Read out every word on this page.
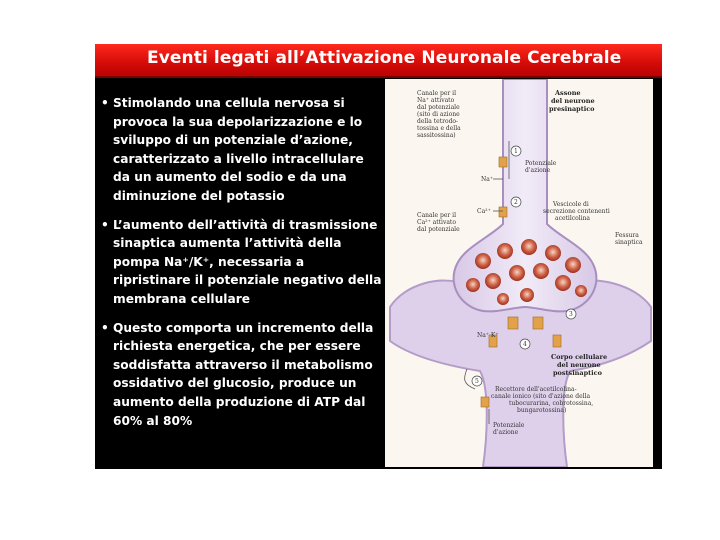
Eventi legati all’Attivazione Neuronale Cerebrale
• Stimolando una cellula nervosa si provoca la sua depolarizzazione e lo sviluppo di un potenziale d’azione, caratterizzato a livello intracellulare da un aumento del sodio e da una diminuzione del potassio
• L’aumento dell’attività di trasmissione sinaptica aumenta l’attività della pompa Na⁺/K⁺, necessaria a ripristinare il potenziale negativo della membrana cellulare
• Questo comporta un incremento della richiesta energetica, che per essere soddisfatta attraverso il metabolismo ossidativo del glucosio, produce un aumento della produzione di ATP dal 60% al 80%
1
2
3
4
5
Assone
del neurone
presinaptico
Canale per il
Na⁺ attivato
dal potenziale
(sito di azione
della tetrodo-
tossina e della
sassitossina)
Na⁺
Ca²⁺
Potenziale
d'azione
Vescicole di
secrezione contenenti
acetilcolina
Canale per il
Ca²⁺ attivato
dal potenziale
Fessura
sinaptica
Na⁺ K⁺
Corpo cellulare
del neurone
postsinaptico
Recettore dell'acetilcolina-
canale ionico (sito d'azione della
tubocurarina, cobrotossina,
bungarotossina)
Potenziale
d'azione
